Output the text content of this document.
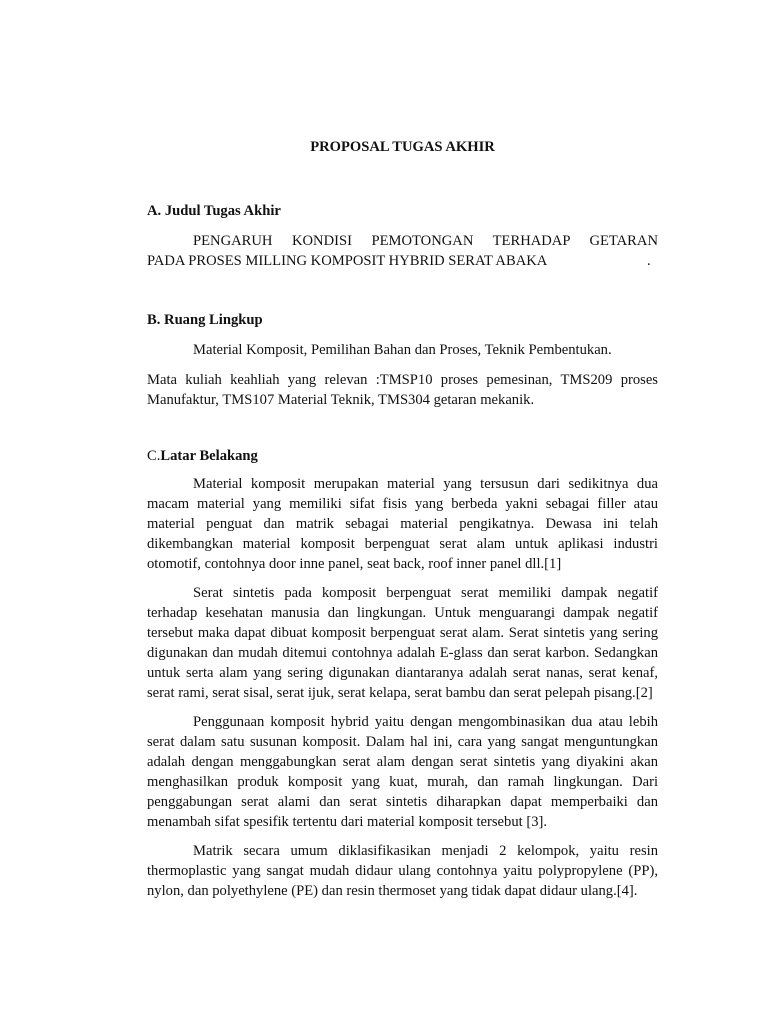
PROPOSAL TUGAS AKHIR
A. Judul Tugas Akhir

PENGARUH KONDISI PEMOTONGAN TERHADAP GETARAN

PADA PROSES MILLING KOMPOSIT HYBRID SERAT ABAKA	.

B. Ruang Lingkup

Material Komposit, Pemilihan Bahan dan Proses, Teknik Pembentukan.

Mata kuliah keahliah yang relevan :TMSP10 proses pemesinan, TMS209 proses Manufaktur, TMS107 Material Teknik, TMS304 getaran mekanik.

C.Latar Belakang

Material komposit merupakan material yang tersusun dari sedikitnya dua macam material yang memiliki sifat fisis yang berbeda yakni sebagai filler atau material penguat dan matrik sebagai material pengikatnya. Dewasa ini telah dikembangkan material komposit berpenguat serat alam untuk aplikasi industri otomotif, contohnya door inne panel, seat back, roof inner panel dll.[1]

Serat sintetis pada komposit berpenguat serat memiliki dampak negatif terhadap kesehatan manusia dan lingkungan. Untuk menguarangi dampak negatif tersebut maka dapat dibuat komposit berpenguat serat alam. Serat sintetis yang sering digunakan dan mudah ditemui contohnya adalah E-glass dan serat karbon. Sedangkan untuk serta alam yang sering digunakan diantaranya adalah serat nanas, serat kenaf, serat rami, serat sisal, serat ijuk, serat kelapa, serat bambu dan serat pelepah pisang.[2]

Penggunaan komposit hybrid yaitu dengan mengombinasikan dua atau lebih serat dalam satu susunan komposit. Dalam hal ini, cara yang sangat menguntungkan adalah dengan menggabungkan serat alam dengan serat sintetis yang diyakini akan menghasilkan produk komposit yang kuat, murah, dan ramah lingkungan. Dari penggabungan serat alami dan serat sintetis diharapkan dapat memperbaiki dan menambah sifat spesifik tertentu dari material komposit tersebut [3].

Matrik secara umum diklasifikasikan menjadi 2 kelompok, yaitu resin thermoplastic yang sangat mudah didaur ulang contohnya yaitu polypropylene (PP), nylon, dan polyethylene (PE) dan resin thermoset yang tidak dapat didaur ulang.[4].
